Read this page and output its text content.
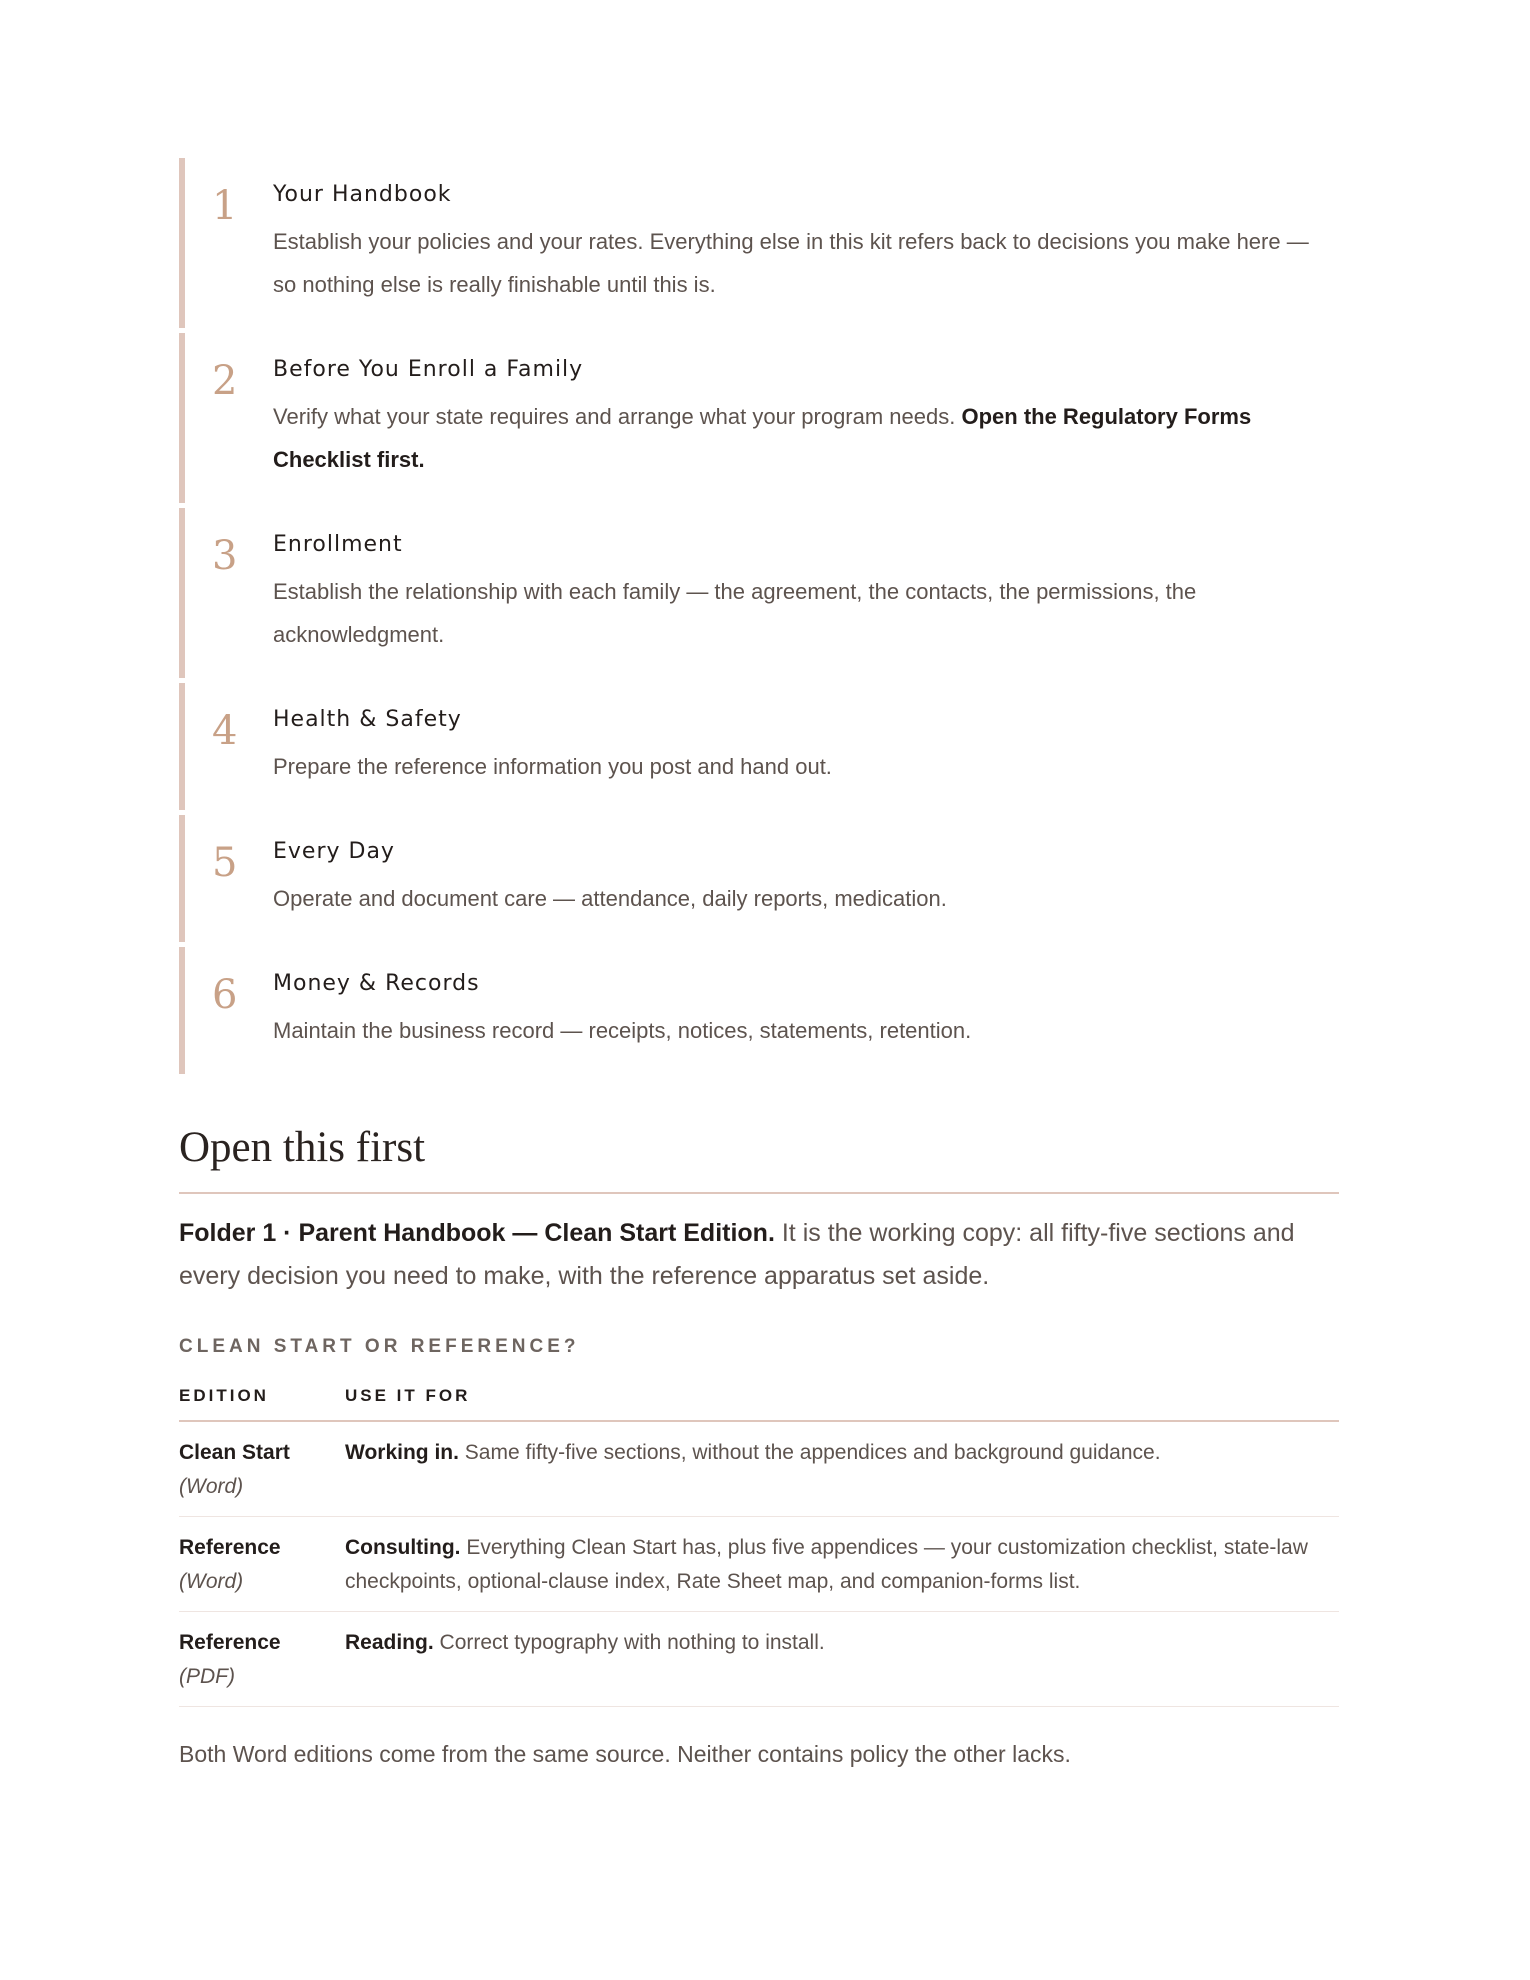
1	Your Handbook

Establish your policies and your rates. Everything else in this kit refers back to decisions you make here — so nothing else is really finishable until this is.

2	Before You Enroll a Family

Verify what your state requires and arrange what your program needs. Open the Regulatory Forms Checklist first.

3	Enrollment

Establish the relationship with each family — the agreement, the contacts, the permissions, the acknowledgment.

4	Health & Safety

Prepare the reference information you post and hand out.

5	Every Day

Operate and document care — attendance, daily reports, medication.

6	Money & Records

Maintain the business record — receipts, notices, statements, retention.

Open this first

Folder 1 · Parent Handbook — Clean Start Edition. It is the working copy: all fifty-five sections and every decision you need to make, with the reference apparatus set aside.

CLEAN START OR REFERENCE?
EDITION	USE IT FOR

Clean Start
(Word)	Working in. Same fifty-five sections, without the appendices and background guidance.

Reference
(Word)	Consulting. Everything Clean Start has, plus five appendices — your customization checklist, state-law checkpoints, optional-clause index, Rate Sheet map, and companion-forms list.

Reference
(PDF)	Reading. Correct typography with nothing to install.

Both Word editions come from the same source. Neither contains policy the other lacks.
